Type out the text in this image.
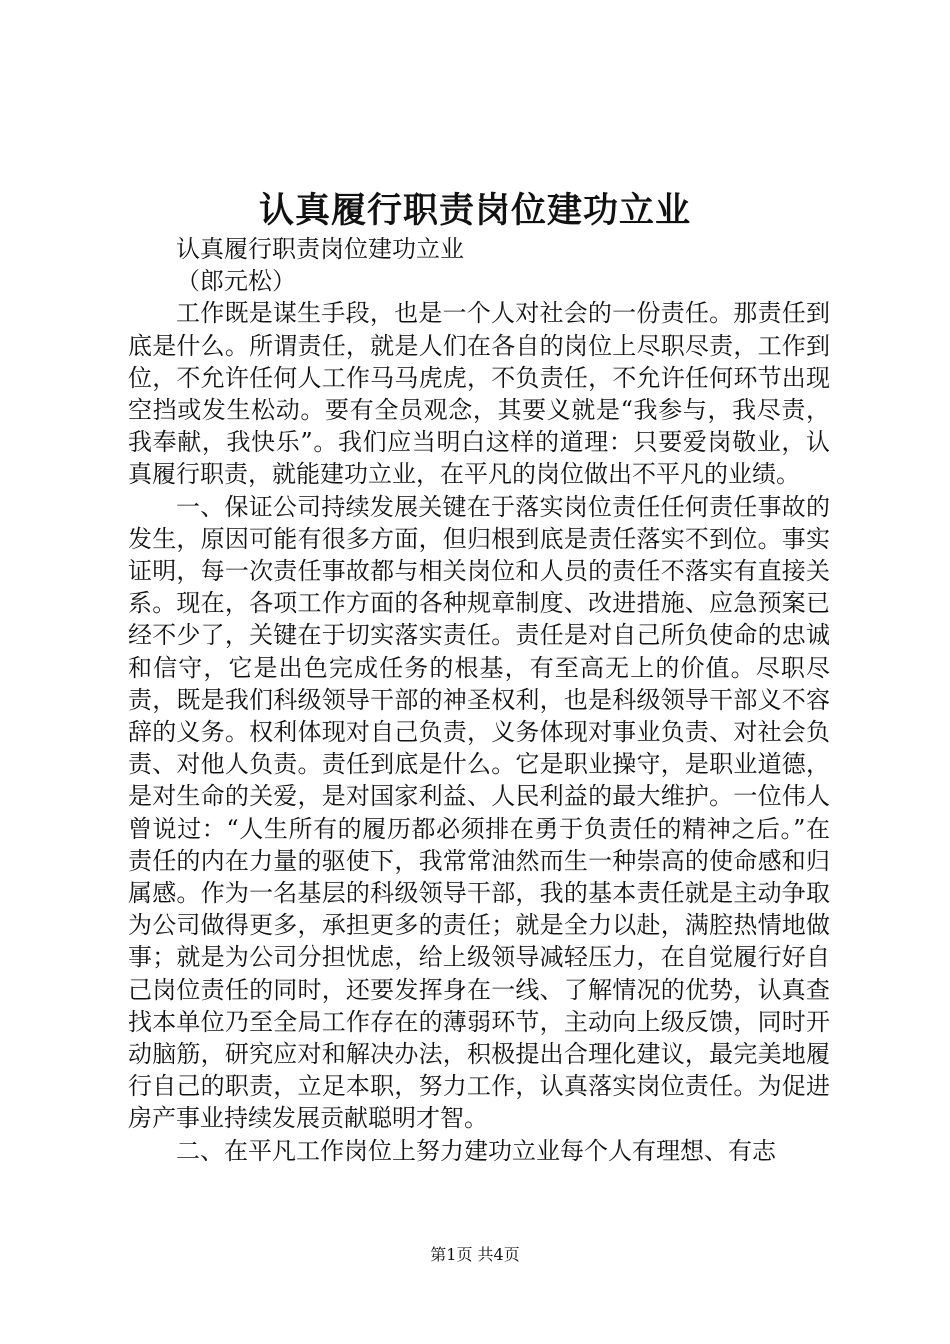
认真履行职责岗位建功立业

认真履行职责岗位建功立业

（郎元松）

工作既是谋生手段，也是一个人对社会的一份责任。那责任到底是什么。所谓责任，就是人们在各自的岗位上尽职尽责，工作到位，不允许任何人工作马马虎虎，不负责任，不允许任何环节出现空挡或发生松动。要有全员观念，其要义就是“我参与，我尽责，我奉献，我快乐”。我们应当明白这样的道理：只要爱岗敬业，认真履行职责，就能建功立业，在平凡的岗位做出不平凡的业绩。

一、保证公司持续发展关键在于落实岗位责任任何责任事故的发生，原因可能有很多方面，但归根到底是责任落实不到位。事实证明，每一次责任事故都与相关岗位和人员的责任不落实有直接关系。现在，各项工作方面的各种规章制度、改进措施、应急预案已经不少了，关键在于切实落实责任。责任是对自己所负使命的忠诚和信守，它是出色完成任务的根基，有至高无上的价值。尽职尽责，既是我们科级领导干部的神圣权利，也是科级领导干部义不容辞的义务。权利体现对自己负责，义务体现对事业负责、对社会负责、对他人负责。责任到底是什么。它是职业操守，是职业道德，是对生命的关爱，是对国家利益、人民利益的最大维护。一位伟人曾说过：“人生所有的履历都必须排在勇于负责任的精神之后。”在责任的内在力量的驱使下，我常常油然而生一种崇高的使命感和归属感。作为一名基层的科级领导干部，我的基本责任就是主动争取为公司做得更多，承担更多的责任；就是全力以赴，满腔热情地做事；就是为公司分担忧虑，给上级领导减轻压力，在自觉履行好自己岗位责任的同时，还要发挥身在一线、了解情况的优势，认真查找本单位乃至全局工作存在的薄弱环节，主动向上级反馈，同时开动脑筋，研究应对和解决办法，积极提出合理化建议，最完美地履行自己的职责，立足本职，努力工作，认真落实岗位责任。为促进房产事业持续发展贡献聪明才智。

二、在平凡工作岗位上努力建功立业每个人有理想、有志

第1页 共4页
